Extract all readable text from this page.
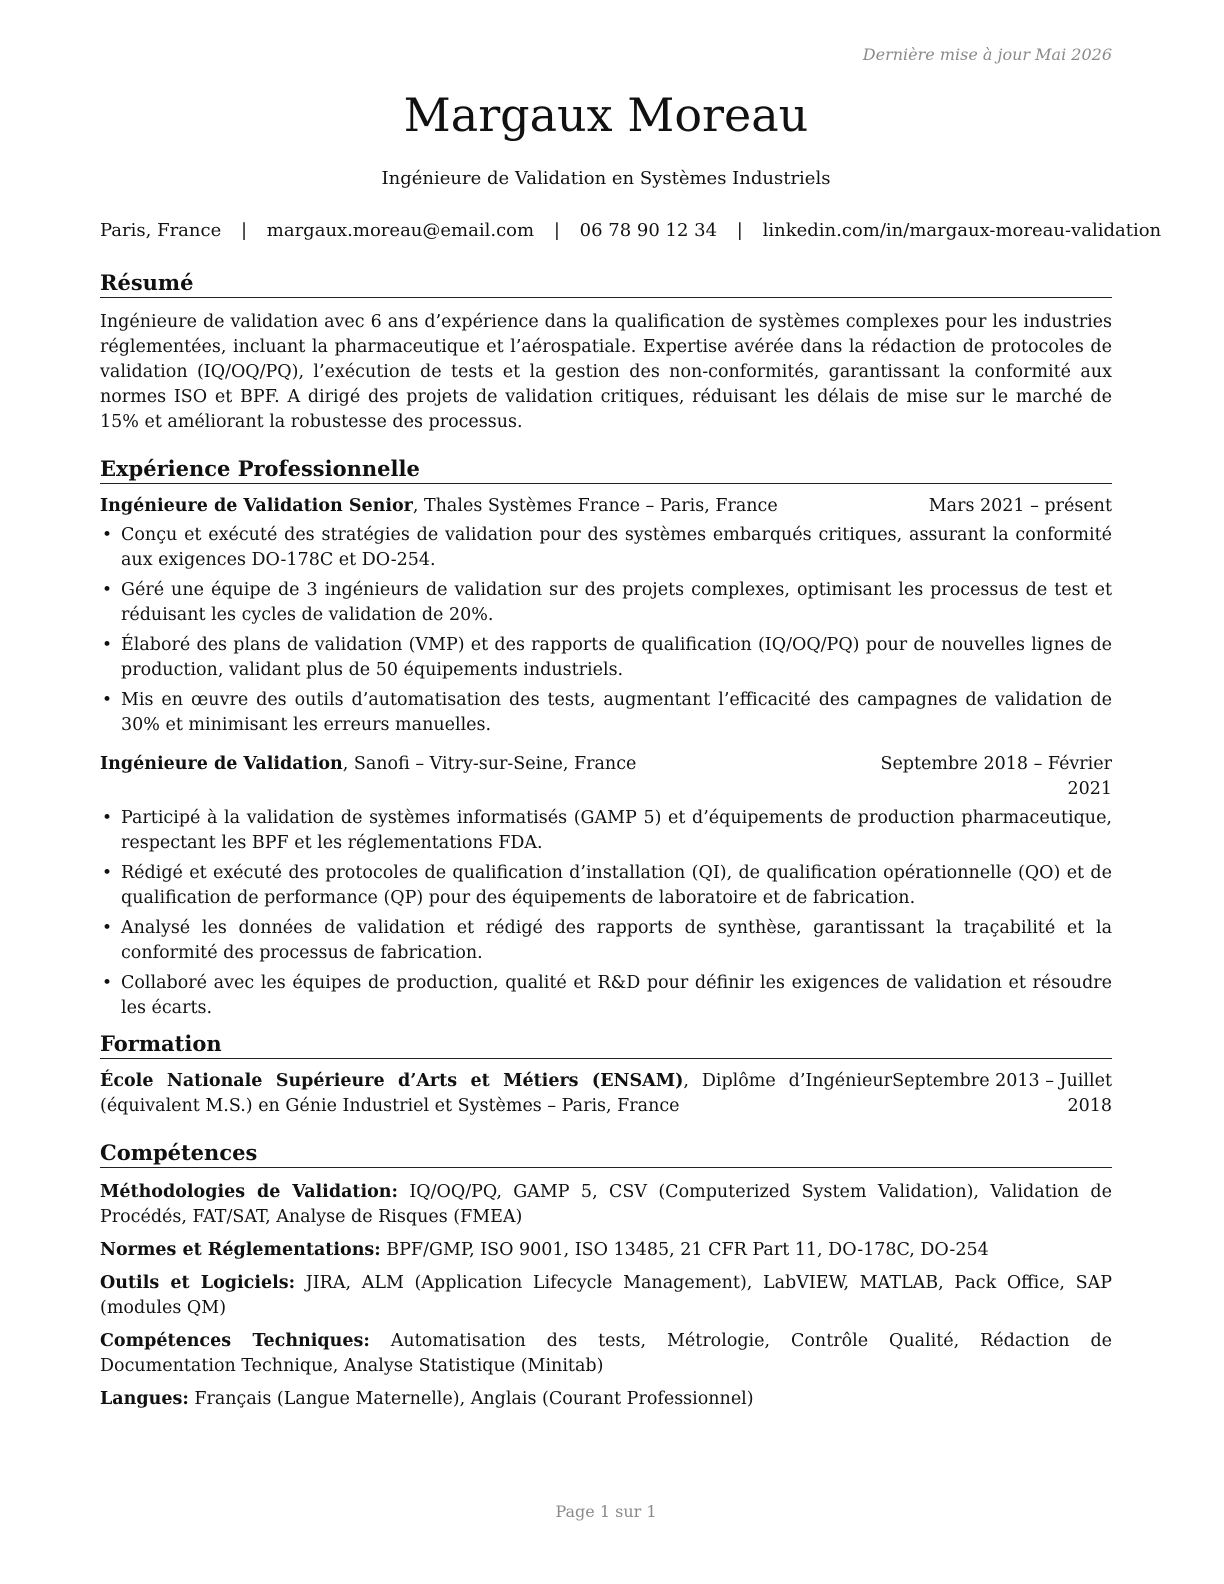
Dernière mise à jour Mai 2026
Margaux Moreau
Ingénieure de Validation en Systèmes Industriels
Paris, France | margaux.moreau@email.com | 06 78 90 12 34 | linkedin.com/in/margaux-moreau-validation
Résumé

Ingénieure de validation avec 6 ans d’expérience dans la qualification de systèmes complexes pour les industries réglementées, incluant la pharmaceutique et l’aérospatiale. Expertise avérée dans la rédaction de protocoles de validation (IQ/OQ/PQ), l’exécution de tests et la gestion des non-conformités, garantissant la conformité aux normes ISO et BPF. A dirigé des projets de validation critiques, réduisant les délais de mise sur le marché de 15% et améliorant la robustesse des processus.

Expérience Professionnelle
Ingénieure de Validation Senior, Thales Systèmes France – Paris, France	Mars 2021 – présent
• Conçu et exécuté des stratégies de validation pour des systèmes embarqués critiques, assurant la conformité aux exigences DO-178C et DO-254.
• Géré une équipe de 3 ingénieurs de validation sur des projets complexes, optimisant les processus de test et réduisant les cycles de validation de 20%.
• Élaboré des plans de validation (VMP) et des rapports de qualification (IQ/OQ/PQ) pour de nouvelles lignes de production, validant plus de 50 équipements industriels.
• Mis en œuvre des outils d’automatisation des tests, augmentant l’efficacité des campagnes de validation de 30% et minimisant les erreurs manuelles.
Ingénieure de Validation, Sanofi – Vitry-sur-Seine, France	Septembre 2018 – Février 2021
• Participé à la validation de systèmes informatisés (GAMP 5) et d’équipements de production pharmaceutique, respectant les BPF et les réglementations FDA.
• Rédigé et exécuté des protocoles de qualification d’installation (QI), de qualification opérationnelle (QO) et de qualification de performance (QP) pour des équipements de laboratoire et de fabrication.
• Analysé les données de validation et rédigé des rapports de synthèse, garantissant la traçabilité et la conformité des processus de fabrication.
• Collaboré avec les équipes de production, qualité et R&D pour définir les exigences de validation et résoudre les écarts.
Formation
École Nationale Supérieure d’Arts et Métiers (ENSAM), Diplôme d’Ingénieur (équivalent M.S.) en Génie Industriel et Systèmes – Paris, France
Septembre 2013 – Juillet 2018
Compétences

Méthodologies de Validation: IQ/OQ/PQ, GAMP 5, CSV (Computerized System Validation), Validation de Procédés, FAT/SAT, Analyse de Risques (FMEA)

Normes et Réglementations: BPF/GMP, ISO 9001, ISO 13485, 21 CFR Part 11, DO-178C, DO-254

Outils et Logiciels: JIRA, ALM (Application Lifecycle Management), LabVIEW, MATLAB, Pack Office, SAP (modules QM)

Compétences Techniques: Automatisation des tests, Métrologie, Contrôle Qualité, Rédaction de Documentation Technique, Analyse Statistique (Minitab)

Langues: Français (Langue Maternelle), Anglais (Courant Professionnel)

Page 1 sur 1
